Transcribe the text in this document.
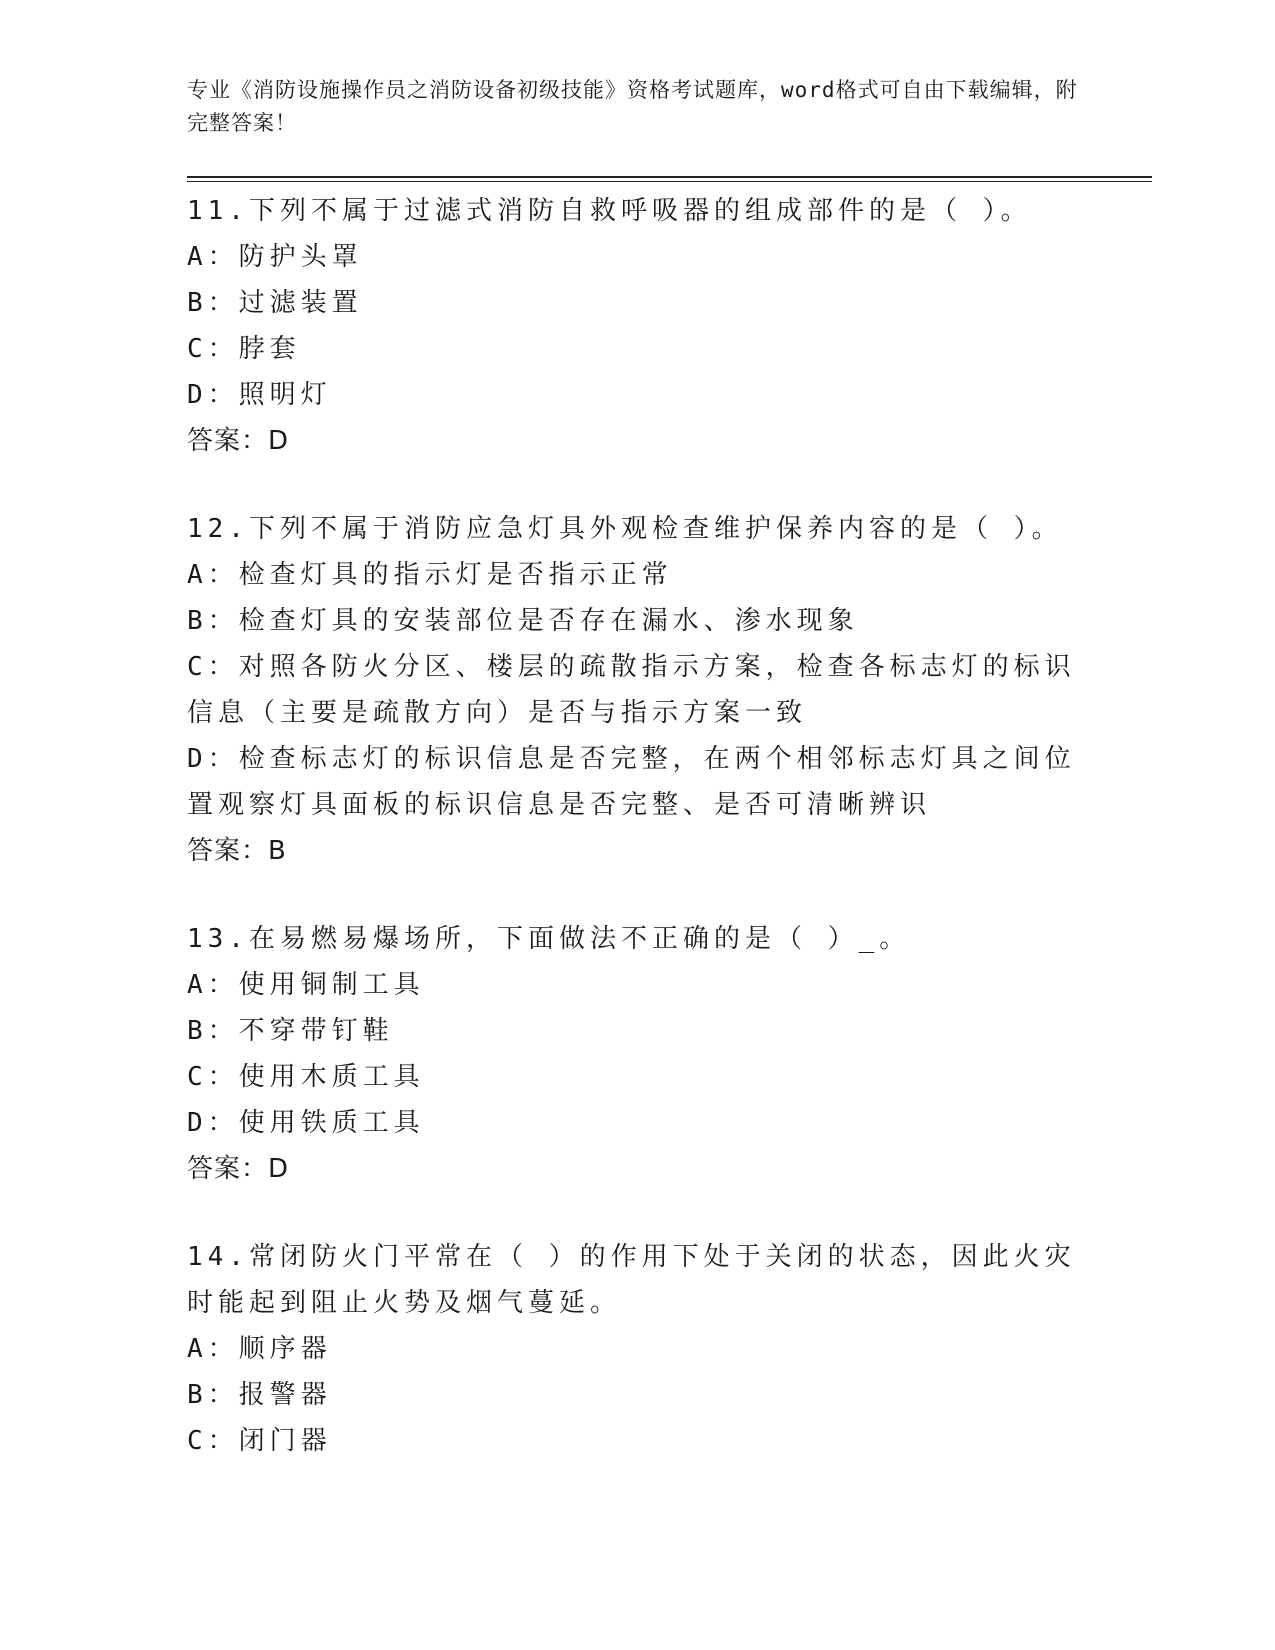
专业《消防设施操作员之消防设备初级技能》资格考试题库，word格式可自由下载编辑，附完整答案！
11.下列不属于过滤式消防自救呼吸器的组成部件的是（ ）。
A：防护头罩
B：过滤装置
C：脖套
D：照明灯
答案：D
12.下列不属于消防应急灯具外观检查维护保养内容的是（ ）。
A：检查灯具的指示灯是否指示正常
B：检查灯具的安装部位是否存在漏水、渗水现象
C：对照各防火分区、楼层的疏散指示方案，检查各标志灯的标识信息（主要是疏散方向）是否与指示方案一致
D：检查标志灯的标识信息是否完整，在两个相邻标志灯具之间位置观察灯具面板的标识信息是否完整、是否可清晰辨识
答案：B
13.在易燃易爆场所，下面做法不正确的是（ ）_。
A：使用铜制工具
B：不穿带钉鞋
C：使用木质工具
D：使用铁质工具
答案：D
14.常闭防火门平常在（ ）的作用下处于关闭的状态，因此火灾时能起到阻止火势及烟气蔓延。
A：顺序器
B：报警器
C：闭门器
